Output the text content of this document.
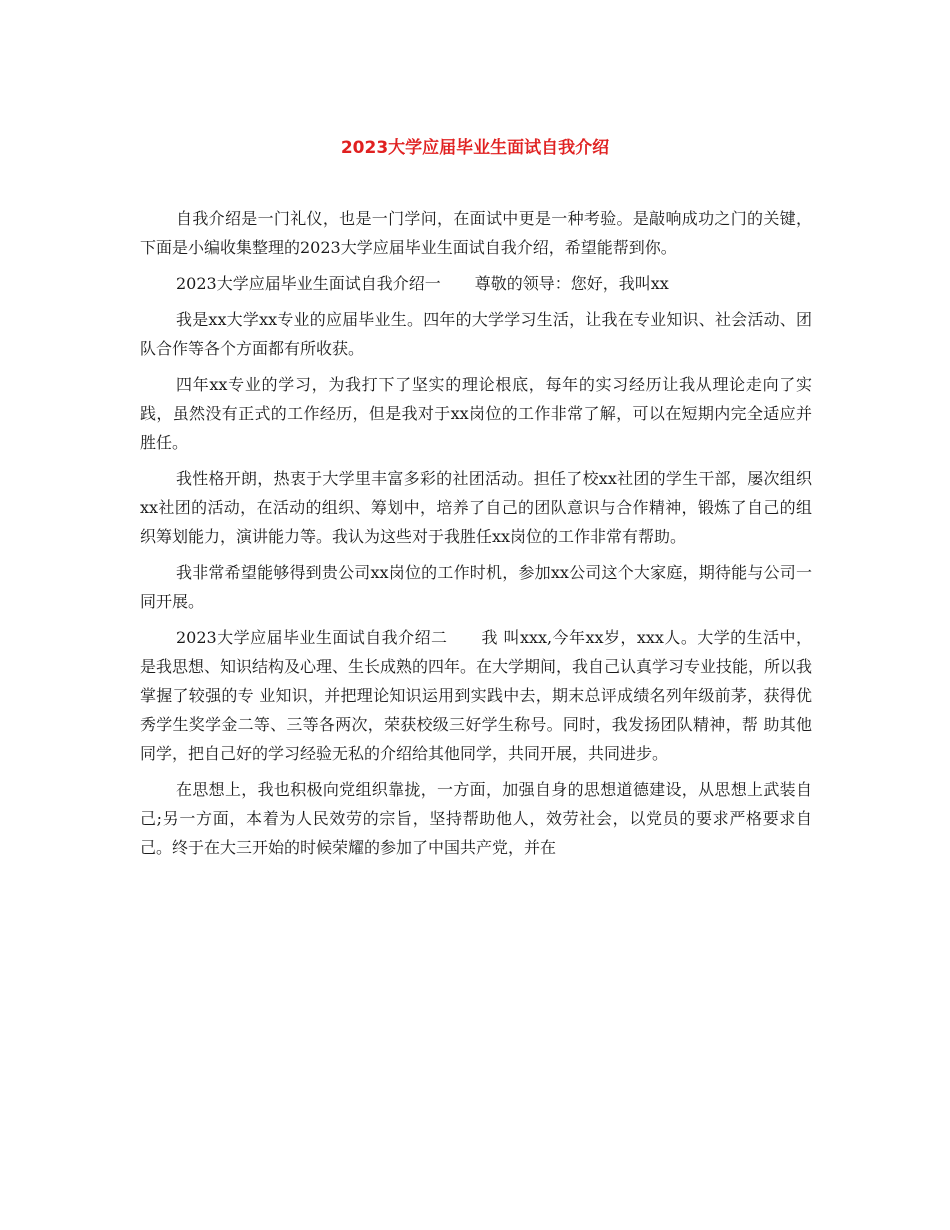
2023大学应届毕业生面试自我介绍

自我介绍是一门礼仪，也是一门学问，在面试中更是一种考验。是敲响成功之门的关键，下面是小编收集整理的2023大学应届毕业生面试自我介绍，希望能帮到你。

2023大学应届毕业生面试自我介绍一 尊敬的领导：您好，我叫xx

我是xx大学xx专业的应届毕业生。四年的大学学习生活，让我在专业知识、社会活动、团队合作等各个方面都有所收获。

四年xx专业的学习，为我打下了坚实的理论根底，每年的实习经历让我从理论走向了实践，虽然没有正式的工作经历，但是我对于xx岗位的工作非常了解，可以在短期内完全适应并胜任。

我性格开朗，热衷于大学里丰富多彩的社团活动。担任了校xx社团的学生干部，屡次组织xx社团的活动，在活动的组织、筹划中，培养了自己的团队意识与合作精神，锻炼了自己的组织筹划能力，演讲能力等。我认为这些对于我胜任xx岗位的工作非常有帮助。

我非常希望能够得到贵公司xx岗位的工作时机，参加xx公司这个大家庭，期待能与公司一同开展。

2023大学应届毕业生面试自我介绍二 我 叫xxx,今年xx岁，xxx人。大学的生活中，是我思想、知识结构及心理、生长成熟的四年。在大学期间，我自己认真学习专业技能，所以我掌握了较强的专 业知识，并把理论知识运用到实践中去，期末总评成绩名列年级前茅，获得优秀学生奖学金二等、三等各两次，荣获校级三好学生称号。同时，我发扬团队精神，帮 助其他同学，把自己好的学习经验无私的介绍给其他同学，共同开展，共同进步。

在思想上，我也积极向党组织靠拢，一方面，加强自身的思想道德建设，从思想上武装自己;另一方面，本着为人民效劳的宗旨，坚持帮助他人，效劳社会，以党员的要求严格要求自己。终于在大三开始的时候荣耀的参加了中国共产党，并在
